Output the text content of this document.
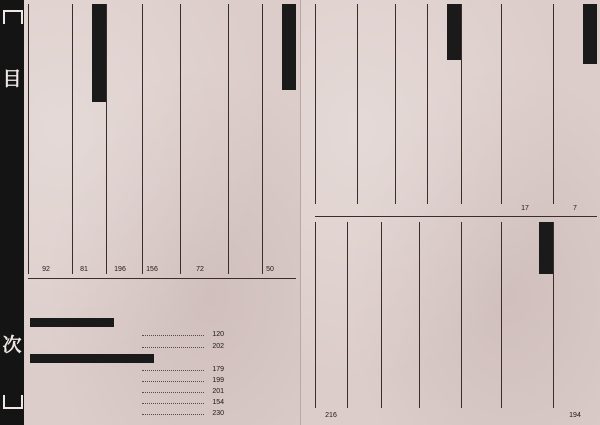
目
次
50
72
156
196
81
92
120
202
179
199
201
154
230
7
17
194
216
